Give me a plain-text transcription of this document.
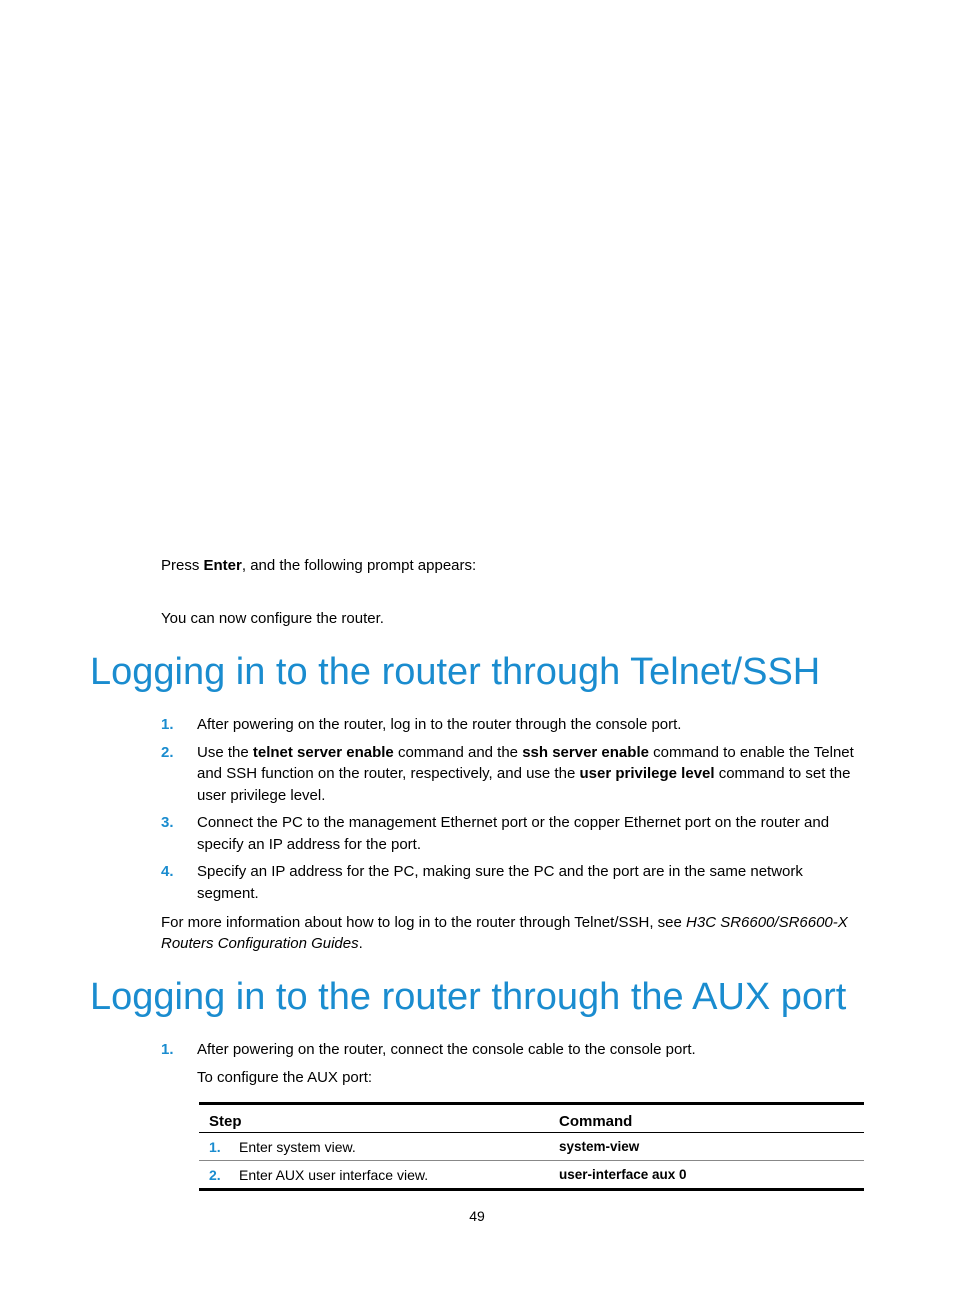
Press Enter, and the following prompt appears:

You can now configure the router.

Logging in to the router through Telnet/SSH
1. After powering on the router, log in to the router through the console port.
2. Use the telnet server enable command and the ssh server enable command to enable the Telnet and SSH function on the router, respectively, and use the user privilege level command to set the user privilege level.
3. Connect the PC to the management Ethernet port or the copper Ethernet port on the router and specify an IP address for the port.
4. Specify an IP address for the PC, making sure the PC and the port are in the same network segment.

For more information about how to log in to the router through Telnet/SSH, see H3C SR6600/SR6600-X Routers Configuration Guides.

Logging in to the router through the AUX port
1. After powering on the router, connect the console cable to the console port.
To configure the AUX port:
Step	Command
1. Enter system view.	system-view
2. Enter AUX user interface view.	user-interface aux 0
49
